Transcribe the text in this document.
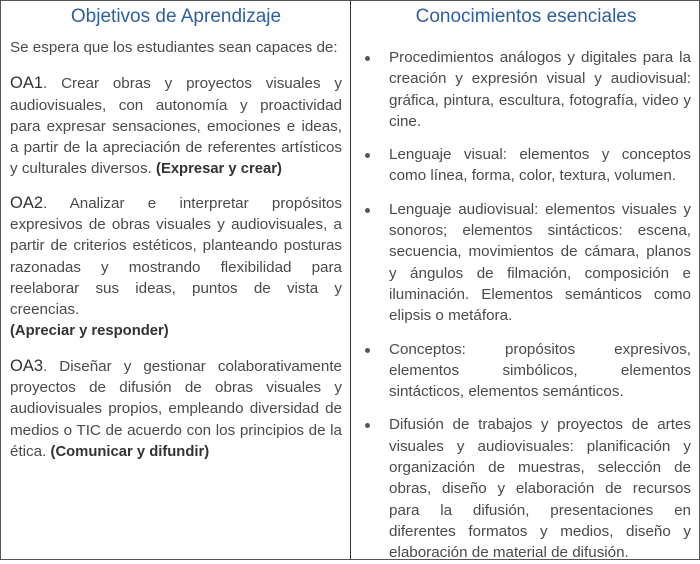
Objetivos de Aprendizaje

Se espera que los estudiantes sean capaces de:

OA1. Crear obras y proyectos visuales y audiovisuales, con autonomía y proactividad para expresar sensaciones, emociones e ideas, a partir de la apreciación de referentes artísticos y culturales diversos. (Expresar y crear)

OA2. Analizar e interpretar propósitos expresivos de obras visuales y audiovisuales, a partir de criterios estéticos, planteando posturas razonadas y mostrando flexibilidad para reelaborar sus ideas, puntos de vista y creencias.
(Apreciar y responder)

OA3. Diseñar y gestionar colaborativamente proyectos de difusión de obras visuales y audiovisuales propios, empleando diversidad de medios o TIC de acuerdo con los principios de la ética. (Comunicar y difundir)

Conocimientos esenciales
Procedimientos análogos y digitales para la creación y expresión visual y audiovisual: gráfica, pintura, escultura, fotografía, video y cine.
Lenguaje visual: elementos y conceptos como línea, forma, color, textura, volumen.
Lenguaje audiovisual: elementos visuales y sonoros; elementos sintácticos: escena, secuencia, movimientos de cámara, planos y ángulos de filmación, composición e iluminación. Elementos semánticos como elipsis o metáfora.
Conceptos: propósitos expresivos, elementos simbólicos, elementos sintácticos, elementos semánticos.
Difusión de trabajos y proyectos de artes visuales y audiovisuales: planificación y organización de muestras, selección de obras, diseño y elaboración de recursos para la difusión, presentaciones en diferentes formatos y medios, diseño y elaboración de material de difusión.
